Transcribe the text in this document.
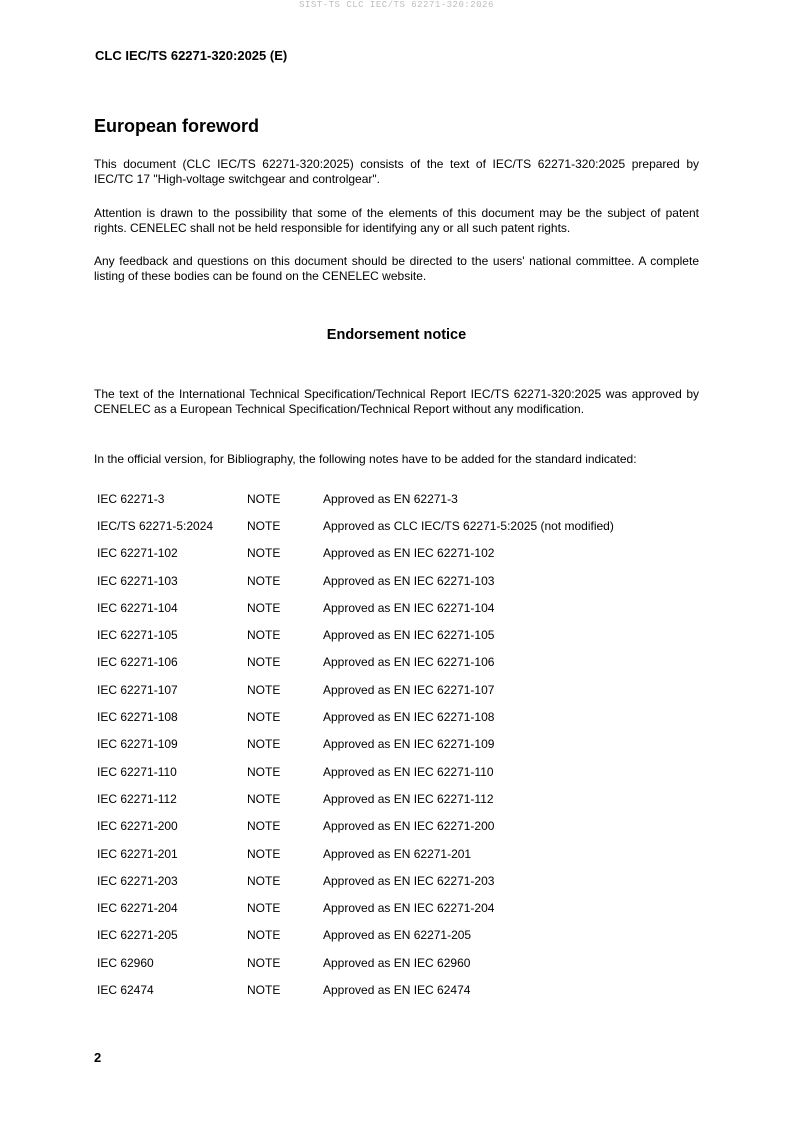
SIST-TS CLC IEC/TS 62271-320:2026
CLC IEC/TS 62271-320:2025 (E)
European foreword

This document (CLC IEC/TS 62271-320:2025) consists of the text of IEC/TS 62271-320:2025 prepared by IEC/TC 17 "High-voltage switchgear and controlgear".

Attention is drawn to the possibility that some of the elements of this document may be the subject of patent rights. CENELEC shall not be held responsible for identifying any or all such patent rights.

Any feedback and questions on this document should be directed to the users' national committee. A complete listing of these bodies can be found on the CENELEC website.

Endorsement notice

The text of the International Technical Specification/Technical Report IEC/TS 62271-320:2025 was approved by CENELEC as a European Technical Specification/Technical Report without any modification.

In the official version, for Bibliography, the following notes have to be added for the standard indicated:

IEC 62271-3	NOTE	Approved as EN 62271-3
IEC/TS 62271-5:2024	NOTE	Approved as CLC IEC/TS 62271-5:2025 (not modified)
IEC 62271-102	NOTE	Approved as EN IEC 62271-102
IEC 62271-103	NOTE	Approved as EN IEC 62271-103
IEC 62271-104	NOTE	Approved as EN IEC 62271-104
IEC 62271-105	NOTE	Approved as EN IEC 62271-105
IEC 62271-106	NOTE	Approved as EN IEC 62271-106
IEC 62271-107	NOTE	Approved as EN IEC 62271-107
IEC 62271-108	NOTE	Approved as EN IEC 62271-108
IEC 62271-109	NOTE	Approved as EN IEC 62271-109
IEC 62271-110	NOTE	Approved as EN IEC 62271-110
IEC 62271-112	NOTE	Approved as EN IEC 62271-112
IEC 62271-200	NOTE	Approved as EN IEC 62271-200
IEC 62271-201	NOTE	Approved as EN 62271-201
IEC 62271-203	NOTE	Approved as EN IEC 62271-203
IEC 62271-204	NOTE	Approved as EN IEC 62271-204
IEC 62271-205	NOTE	Approved as EN 62271-205
IEC 62960	NOTE	Approved as EN IEC 62960
IEC 62474	NOTE	Approved as EN IEC 62474
2
